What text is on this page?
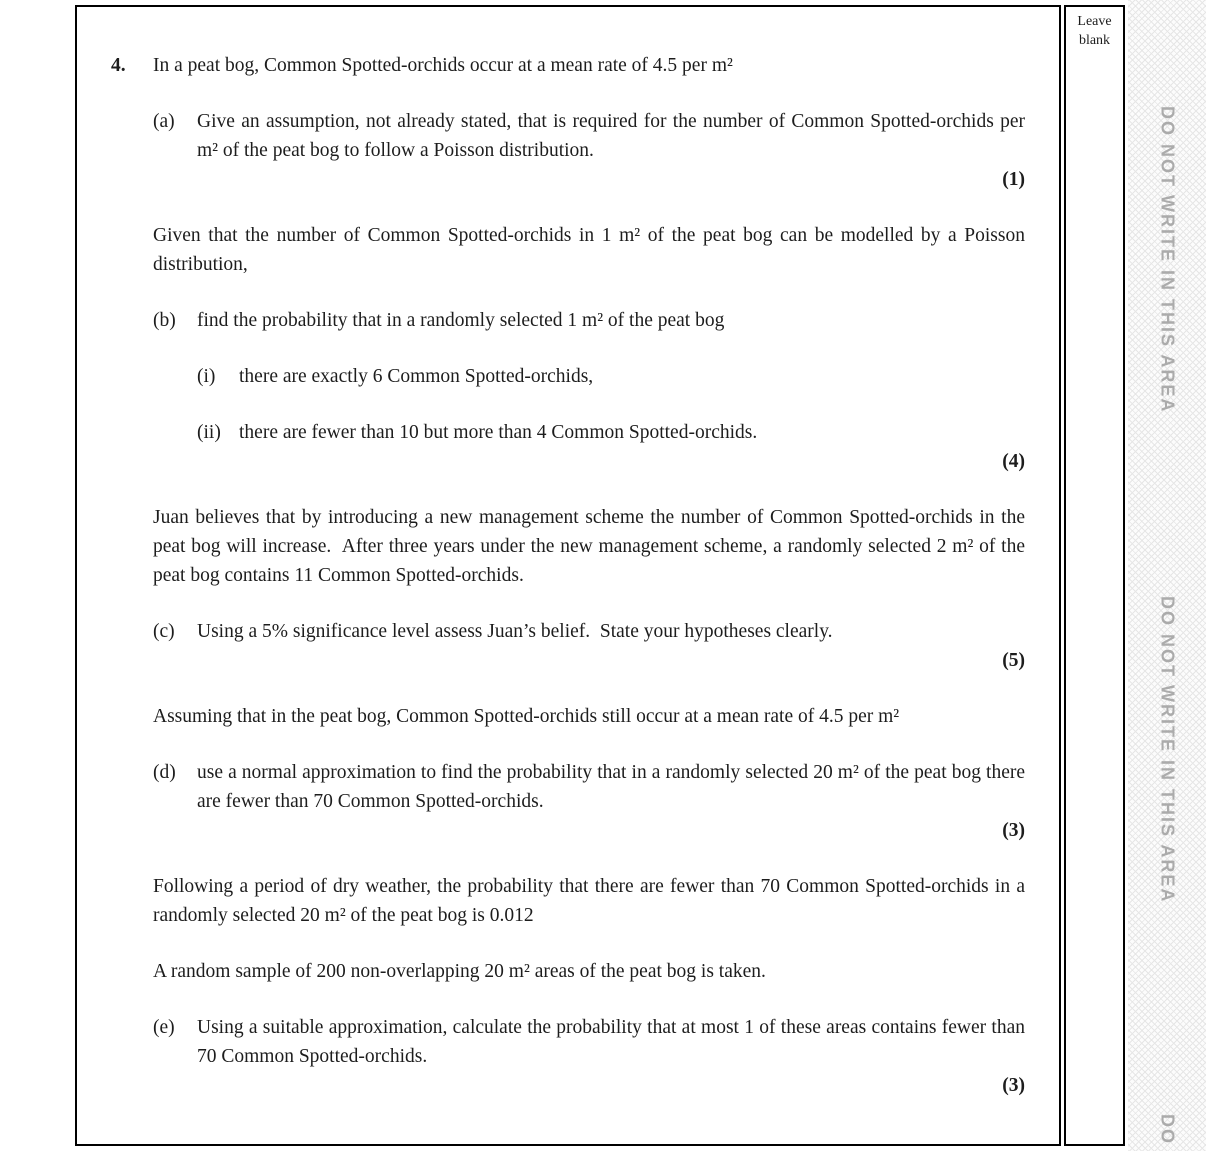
4.	In a peat bog, Common Spotted-orchids occur at a mean rate of 4.5 per m²

(a)	Give an assumption, not already stated, that is required for the number of Common Spotted-orchids per m² of the peat bog to follow a Poisson distribution.

(1)

Given that the number of Common Spotted-orchids in 1 m² of the peat bog can be modelled by a Poisson distribution,

(b)	find the probability that in a randomly selected 1 m² of the peat bog

(i)	there are exactly 6 Common Spotted-orchids,

(ii) there are fewer than 10 but more than 4 Common Spotted-orchids.

(4)

Juan believes that by introducing a new management scheme the number of Common Spotted-orchids in the peat bog will increase.  After three years under the new management scheme, a randomly selected 2 m² of the peat bog contains 11 Common Spotted-orchids.

(c)	Using a 5% significance level assess Juan’s belief.  State your hypotheses clearly.

(5)

Assuming that in the peat bog, Common Spotted-orchids still occur at a mean rate of 4.5 per m²

(d)	use a normal approximation to find the probability that in a randomly selected 20 m² of the peat bog there are fewer than 70 Common Spotted-orchids.

(3)

Following a period of dry weather, the probability that there are fewer than 70 Common Spotted-orchids in a randomly selected 20 m² of the peat bog is 0.012

A random sample of 200 non-overlapping 20 m² areas of the peat bog is taken.

(e)	Using a suitable approximation, calculate the probability that at most 1 of these areas contains fewer than 70 Common Spotted-orchids.

(3)
Leave
blank
DO NOT WRITE IN THIS AREA
DO NOT WRITE IN THIS AREA
DO
